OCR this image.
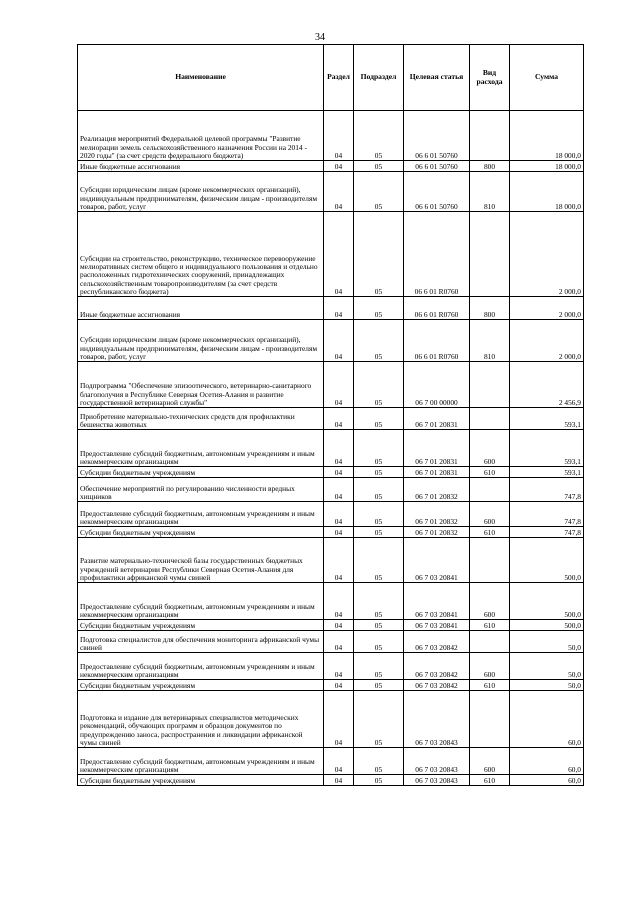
34
Наименование	Раздел	Подраздел	Целевая статья	Вид расхода	Сумма
Реализация мероприятий Федеральной целевой программы "Развитие мелиорации земель сельскохозяйственного назначения России на 2014 - 2020 годы" (за счет средств федерального бюджета)	04	05	06 6 01 50760		18 000,0
Иные бюджетные ассигнования	04	05	06 6 01 50760	800	18 000,0
Субсидии юридическим лицам (кроме некоммерческих организаций), индивидуальным предпринимателям, физическим лицам - производителям товаров, работ, услуг	04	05	06 6 01 50760	810	18 000,0
Субсидии на строительство, реконструкцию, техническое перевооружение мелиоративных систем общего и индивидуального пользования и отдельно расположенных гидротехнических сооружений, принадлежащих сельскохозяйственным товаропроизводителям (за счет средств республиканского бюджета)	04	05	06 6 01 R0760		2 000,0
Иные бюджетные ассигнования	04	05	06 6 01 R0760	800	2 000,0
Субсидии юридическим лицам (кроме некоммерческих организаций), индивидуальным предпринимателям, физическим лицам - производителям товаров, работ, услуг	04	05	06 6 01 R0760	810	2 000,0
Подпрограмма "Обеспечение эпизоотического, ветеринарно-санитарного благополучия в Республике Северная Осетия-Алания и развитие государственной ветеринарной службы"	04	05	06 7 00 00000		2 456,9
Приобретение материально-технических средств для профилактики бешенства животных	04	05	06 7 01 20831		593,1
Предоставление субсидий бюджетным, автономным учреждениям и иным некоммерческим организациям	04	05	06 7 01 20831	600	593,1
Субсидии бюджетным учреждениям	04	05	06 7 01 20831	610	593,1
Обеспечение мероприятий по регулированию численности вредных хищников	04	05	06 7 01 20832		747,8
Предоставление субсидий бюджетным, автономным учреждениям и иным некоммерческим организациям	04	05	06 7 01 20832	600	747,8
Субсидии бюджетным учреждениям	04	05	06 7 01 20832	610	747,8
Развитие материально-технической базы государственных бюджетных учреждений ветеринарии Республики Северная Осетия-Алания для профилактики африканской чумы свиней	04	05	06 7 03 20841		500,0
Предоставление субсидий бюджетным, автономным учреждениям и иным некоммерческим организациям	04	05	06 7 03 20841	600	500,0
Субсидии бюджетным учреждениям	04	05	06 7 03 20841	610	500,0
Подготовка специалистов для обеспечения мониторинга африканской чумы свиней	04	05	06 7 03 20842		50,0
Предоставление субсидий бюджетным, автономным учреждениям и иным некоммерческим организациям	04	05	06 7 03 20842	600	50,0
Субсидии бюджетным учреждениям	04	05	06 7 03 20842	610	50,0
Подготовка и издание для ветеринарных специалистов методических рекомендаций, обучающих программ и образцов документов по предупреждению заноса, распространения и ликвидации африканской чумы свиней	04	05	06 7 03 20843		60,0
Предоставление субсидий бюджетным, автономным учреждениям и иным некоммерческим организациям	04	05	06 7 03 20843	600	60,0
Субсидии бюджетным учреждениям	04	05	06 7 03 20843	610	60,0
